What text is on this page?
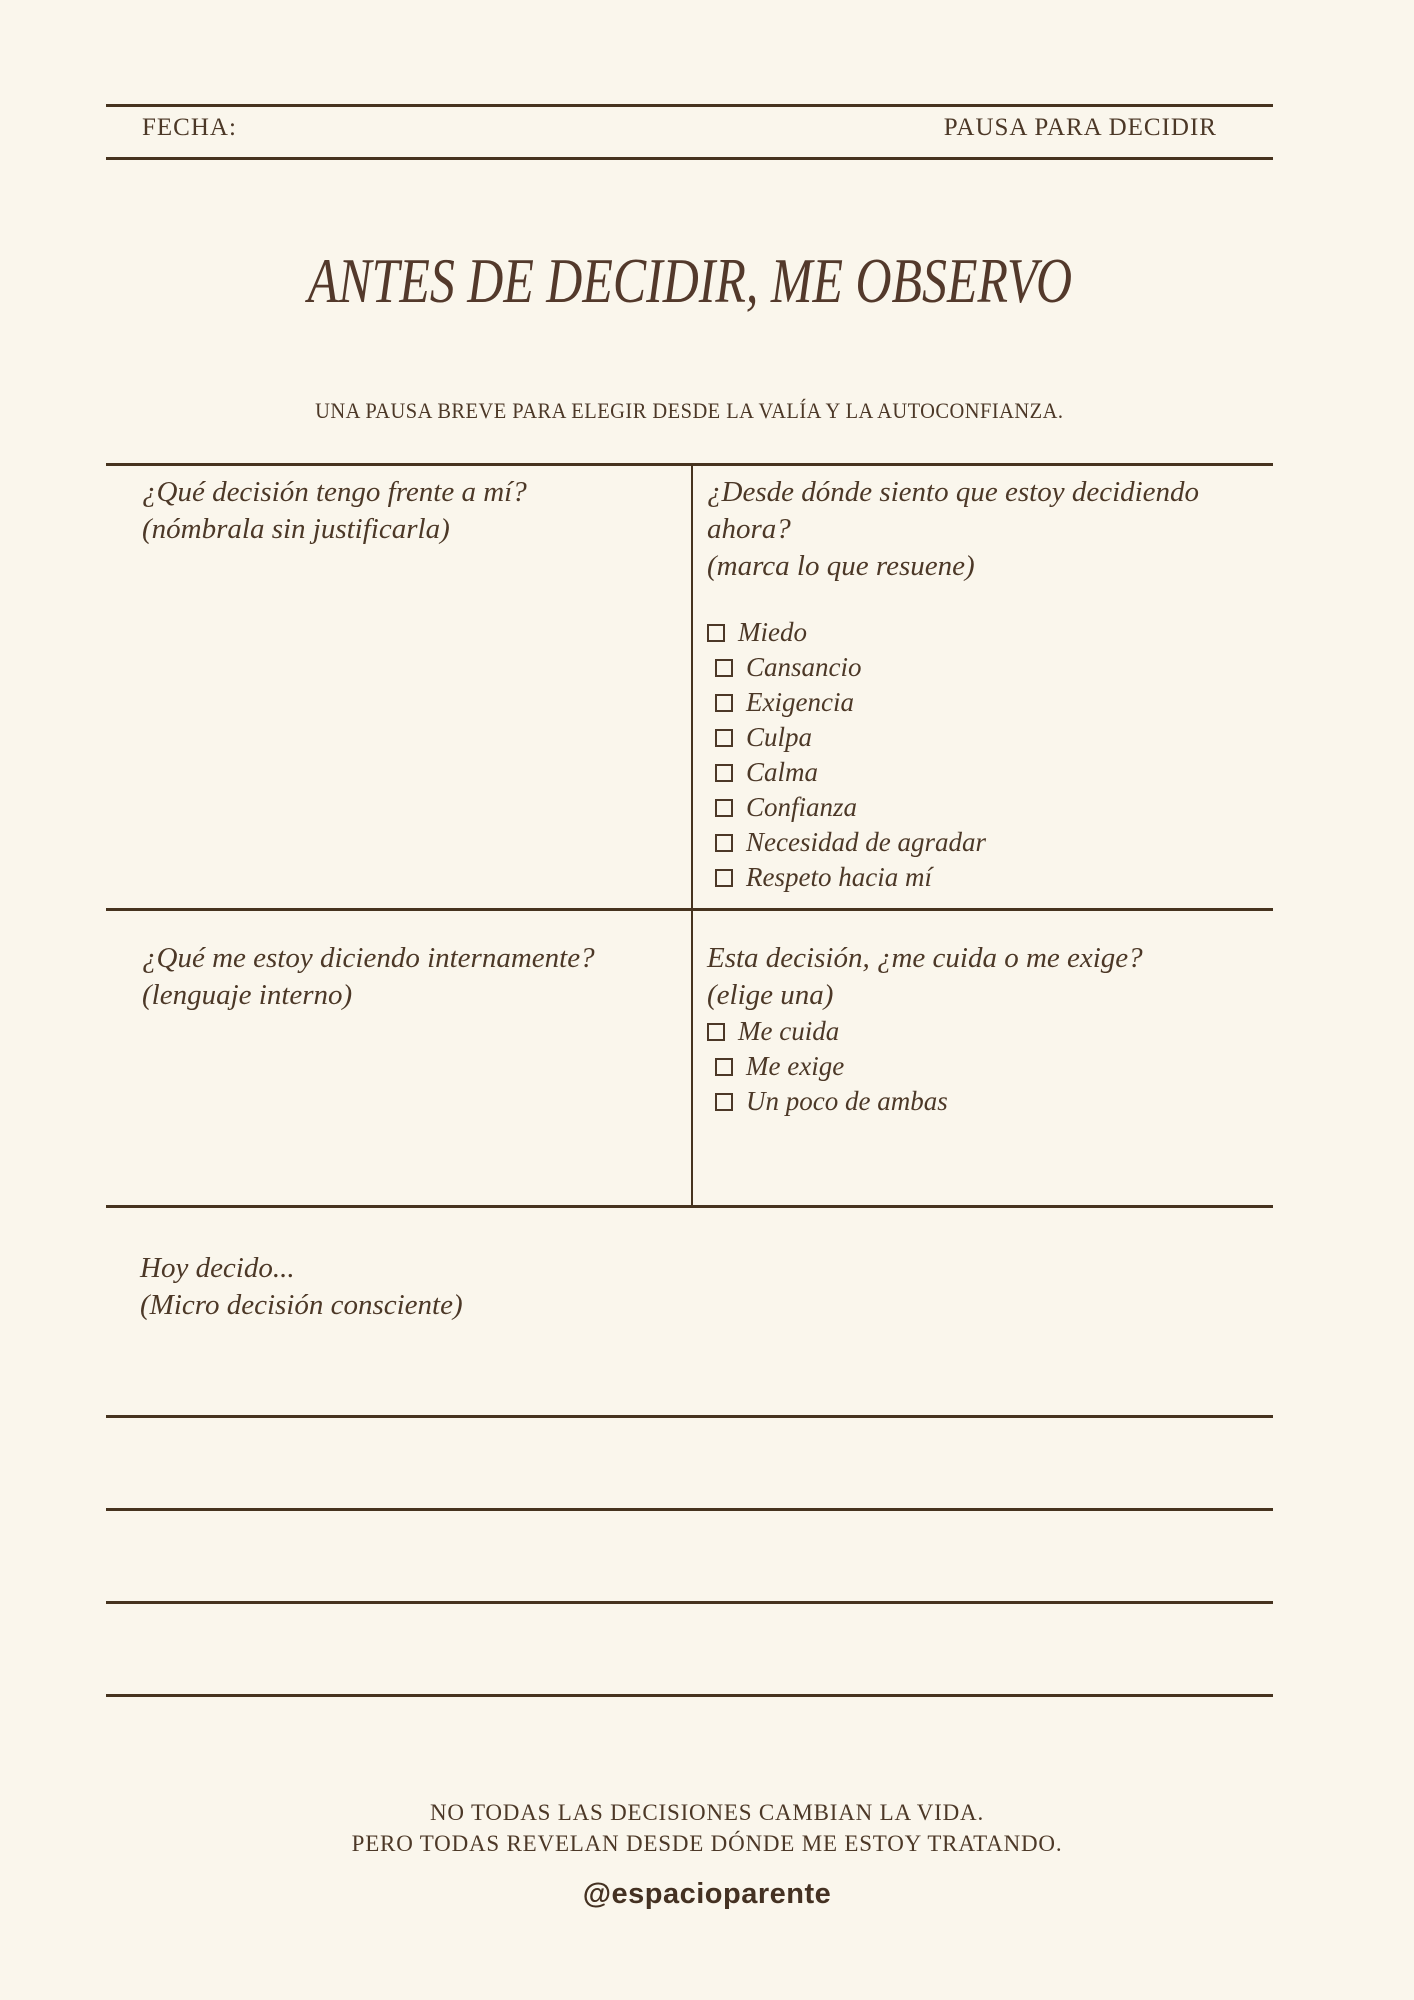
FECHA:	PAUSA PARA DECIDIR
ANTES DE DECIDIR, ME OBSERVO
UNA PAUSA BREVE PARA ELEGIR DESDE LA VALÍA Y LA AUTOCONFIANZA.
¿Qué decisión tengo frente a mí?
(nómbrala sin justificarla)
¿Desde dónde siento que estoy decidiendo ahora?
(marca lo que resuene)
Miedo
Cansancio
Exigencia
Culpa
Calma
Confianza
Necesidad de agradar
Respeto hacia mí
¿Qué me estoy diciendo internamente?
(lenguaje interno)
Esta decisión, ¿me cuida o me exige?
(elige una)
Me cuida
Me exige
Un poco de ambas
Hoy decido...
(Micro decisión consciente)
NO TODAS LAS DECISIONES CAMBIAN LA VIDA.
PERO TODAS REVELAN DESDE DÓNDE ME ESTOY TRATANDO.
@espacioparente
